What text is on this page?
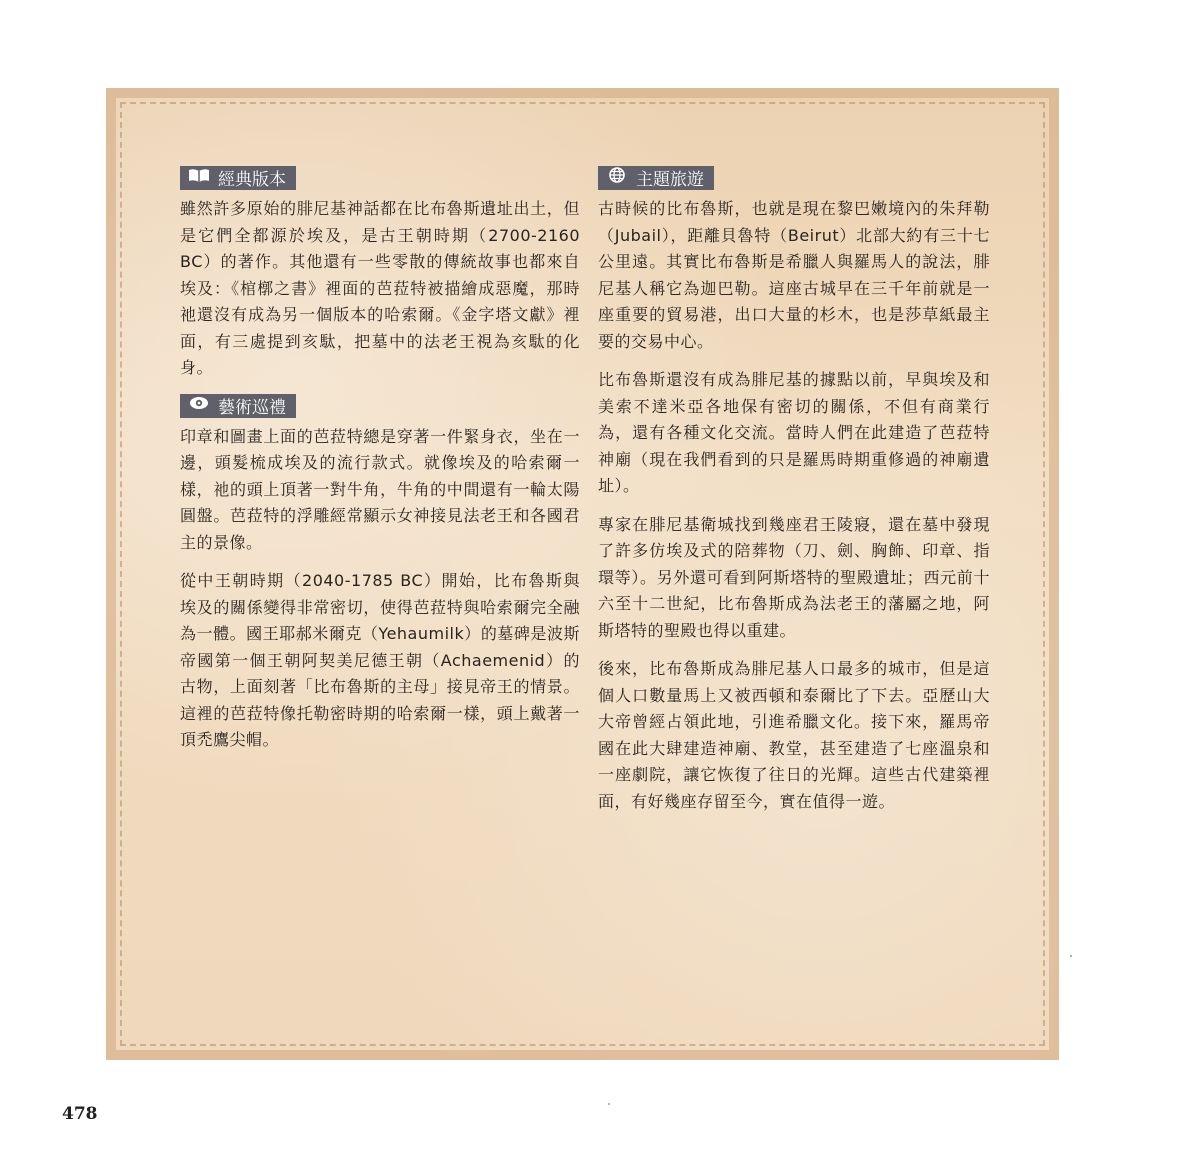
經典版本

雖然許多原始的腓尼基神話都在比布魯斯遺址出土，但是它們全都源於埃及，是古王朝時期（2700-2160 BC）的著作。其他還有一些零散的傳統故事也都來自埃及：《棺槨之書》裡面的芭菈特被描繪成惡魔，那時祂還沒有成為另一個版本的哈索爾。《金字塔文獻》裡面，有三處提到亥駄，把墓中的法老王視為亥駄的化身。

藝術巡禮

印章和圖畫上面的芭菈特總是穿著一件緊身衣，坐在一邊，頭髮梳成埃及的流行款式。就像埃及的哈索爾一樣，祂的頭上頂著一對牛角，牛角的中間還有一輪太陽圓盤。芭菈特的浮雕經常顯示女神接見法老王和各國君主的景像。

從中王朝時期（2040-1785 BC）開始，比布魯斯與埃及的關係變得非常密切，使得芭菈特與哈索爾完全融為一體。國王耶郝米爾克（Yehaumilk）的墓碑是波斯帝國第一個王朝阿契美尼德王朝（Achaemenid）的古物，上面刻著「比布魯斯的主母」接見帝王的情景。這裡的芭菈特像托勒密時期的哈索爾一樣，頭上戴著一頂禿鷹尖帽。

主題旅遊

古時候的比布魯斯，也就是現在黎巴嫩境內的朱拜勒（Jubail），距離貝魯特（Beirut）北部大約有三十七公里遠。其實比布魯斯是希臘人與羅馬人的說法，腓尼基人稱它為迦巴勒。這座古城早在三千年前就是一座重要的貿易港，出口大量的杉木，也是莎草紙最主要的交易中心。

比布魯斯還沒有成為腓尼基的據點以前，早與埃及和美索不達米亞各地保有密切的關係，不但有商業行為，還有各種文化交流。當時人們在此建造了芭菈特神廟（現在我們看到的只是羅馬時期重修過的神廟遺址）。

專家在腓尼基衛城找到幾座君王陵寢，還在墓中發現了許多仿埃及式的陪葬物（刀、劍、胸飾、印章、指環等）。另外還可看到阿斯塔特的聖殿遺址；西元前十六至十二世紀，比布魯斯成為法老王的藩屬之地，阿斯塔特的聖殿也得以重建。

後來，比布魯斯成為腓尼基人口最多的城市，但是這個人口數量馬上又被西頓和泰爾比了下去。亞歷山大大帝曾經占領此地，引進希臘文化。接下來，羅馬帝國在此大肆建造神廟、教堂，甚至建造了七座溫泉和一座劇院，讓它恢復了往日的光輝。這些古代建築裡面，有好幾座存留至今，實在值得一遊。

478
